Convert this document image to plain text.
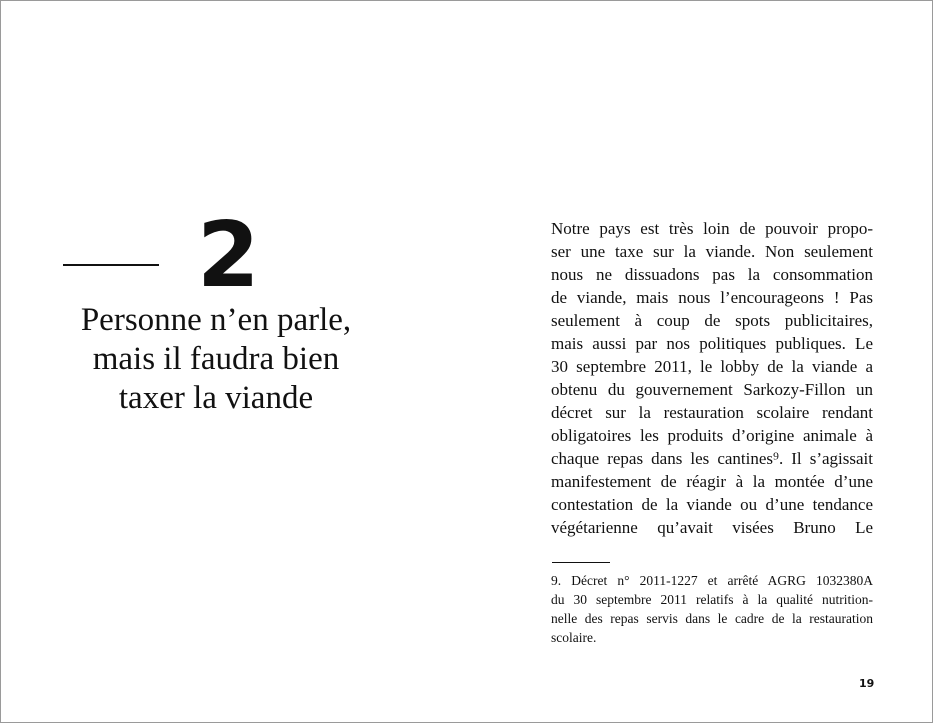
2
Personne n’en parle,
mais il faudra bien
taxer la viande
Notre pays est très loin de pouvoir propo-
ser une taxe sur la viande. Non seulement
nous ne dissuadons pas la consommation
de viande, mais nous l’encourageons ! Pas
seulement à coup de spots publicitaires,
mais aussi par nos politiques publiques. Le
30 septembre 2011, le lobby de la viande a
obtenu du gouvernement Sarkozy-Fillon un
décret sur la restauration scolaire rendant
obligatoires les produits d’origine animale à
chaque repas dans les cantines⁹. Il s’agissait
manifestement de réagir à la montée d’une
contestation de la viande ou d’une tendance
végétarienne qu’avait visées Bruno Le
9. Décret n° 2011-1227 et arrêté AGRG 1032380A
du 30 septembre 2011 relatifs à la qualité nutrition-
nelle des repas servis dans le cadre de la restauration
scolaire.
19
